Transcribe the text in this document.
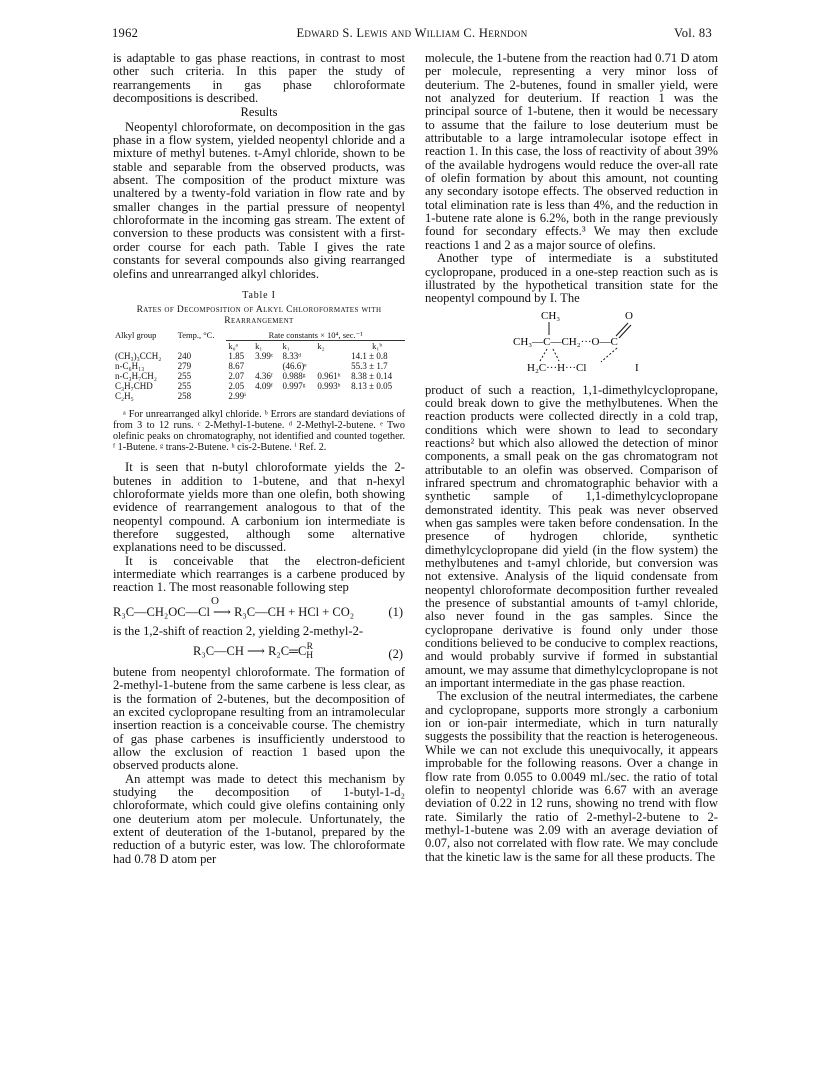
1962	Edward S. Lewis and William C. Herndon	Vol. 83

is adaptable to gas phase reactions, in contrast to most other such criteria. In this paper the study of rearrangements in gas phase chloroformate decompositions is described.

Results

Neopentyl chloroformate, on decomposition in the gas phase in a flow system, yielded neopentyl chloride and a mixture of methyl butenes. t-Amyl chloride, shown to be stable and separable from the observed products, was absent. The composition of the product mixture was unaltered by a twenty-fold variation in flow rate and by smaller changes in the partial pressure of neopentyl chloroformate in the incoming gas stream. The extent of conversion to these products was consistent with a first-order course for each path. Table I gives the rate constants for several compounds also giving rearranged olefins and unrearranged alkyl chlorides.

Table I
Rates of Decomposition of Alkyl Chloroformates with Rearrangement
Alkyl group	Temp., °C.	Rate constants × 10⁴, sec.⁻¹				
		k₀ᵃ	k₁	k₁	k₂	k₁ᵇ
(CH₃)₃CCH₂	240	1.85	3.99ᶜ	8.33ᵈ		14.1 ± 0.8
n-C₆H₁₃	279	8.67		(46.6)ᵉ		55.3 ± 1.7
n-C₃H₇CH₂	255	2.07	4.36ᶠ	0.988ᵍ	0.961ʰ	8.38 ± 0.14
C₃H₇CHD	255	2.05	4.09ᶠ	0.997ᵍ	0.993ʰ	8.13 ± 0.05
C₂H₅	258	2.99ⁱ				
ᵃ For unrearranged alkyl chloride. ᵇ Errors are standard deviations of from 3 to 12 runs. ᶜ 2-Methyl-1-butene. ᵈ 2-Methyl-2-butene. ᵉ Two olefinic peaks on chromatography, not identified and counted together. ᶠ 1-Butene. ᵍ trans-2-Butene. ʰ cis-2-Butene. ⁱ Ref. 2.

It is seen that n-butyl chloroformate yields the 2-butenes in addition to 1-butene, and that n-hexyl chloroformate yields more than one olefin, both showing evidence of rearrangement analogous to that of the neopentyl compound. A carbonium ion intermediate is therefore suggested, although some alternative explanations need to be discussed.

It is conceivable that the electron-deficient intermediate which rearranges is a carbene produced by reaction 1. The most reasonable following step

O
R₃C—CH₂OC—Cl ⟶ R₃C—CH + HCl + CO₂	(1)

is the 1,2-shift of reaction 2, yielding 2-methyl-2-

R₃C—CH ⟶ R₂C═C R
H	(2)

butene from neopentyl chloroformate. The formation of 2-methyl-1-butene from the same carbene is less clear, as is the formation of 2-butenes, but the decomposition of an excited cyclopropane resulting from an intramolecular insertion reaction is a conceivable course. The chemistry of gas phase carbenes is insufficiently understood to allow the exclusion of reaction 1 based upon the observed products alone.

An attempt was made to detect this mechanism by studying the decomposition of 1-butyl-1-d₂ chloroformate, which could give olefins containing only one deuterium atom per molecule. Unfortunately, the extent of deuteration of the 1-butanol, prepared by the reduction of a butyric ester, was low. The chloroformate had 0.78 D atom per

molecule, the 1-butene from the reaction had 0.71 D atom per molecule, representing a very minor loss of deuterium. The 2-butenes, found in smaller yield, were not analyzed for deuterium. If reaction 1 was the principal source of 1-butene, then it would be necessary to assume that the failure to lose deuterium must be attributable to a large intramolecular isotope effect in reaction 1. In this case, the loss of reactivity of about 39% of the available hydrogens would reduce the over-all rate of olefin formation by about this amount, not counting any secondary isotope effects. The observed reduction in total elimination rate is less than 4%, and the reduction in 1-butene rate alone is 6.2%, both in the range previously found for secondary effects.³ We may then exclude reactions 1 and 2 as a major source of olefins.

Another type of intermediate is a substituted cyclopropane, produced in a one-step reaction such as is illustrated by the hypothetical transition state for the neopentyl compound by I. The

CH₃	O
CH₃—C—CH₂···O—C
H₂C···H···Cl	I

product of such a reaction, 1,1-dimethylcyclopropane, could break down to give the methylbutenes. When the reaction products were collected directly in a cold trap, conditions which were shown to lead to secondary reactions² but which also allowed the detection of minor components, a small peak on the gas chromatogram not attributable to an olefin was observed. Comparison of infrared spectrum and chromatographic behavior with a synthetic sample of 1,1-dimethylcyclopropane demonstrated identity. This peak was never observed when gas samples were taken before condensation. In the presence of hydrogen chloride, synthetic dimethylcyclopropane did yield (in the flow system) the methylbutenes and t-amyl chloride, but conversion was not extensive. Analysis of the liquid condensate from neopentyl chloroformate decomposition further revealed the presence of substantial amounts of t-amyl chloride, also never found in the gas samples. Since the cyclopropane derivative is found only under those conditions believed to be conducive to complex reactions, and would probably survive if formed in substantial amount, we may assume that dimethylcyclopropane is not an important intermediate in the gas phase reaction.

The exclusion of the neutral intermediates, the carbene and cyclopropane, supports more strongly a carbonium ion or ion-pair intermediate, which in turn naturally suggests the possibility that the reaction is heterogeneous. While we can not exclude this unequivocally, it appears improbable for the following reasons. Over a change in flow rate from 0.055 to 0.0049 ml./sec. the ratio of total olefin to neopentyl chloride was 6.67 with an average deviation of 0.22 in 12 runs, showing no trend with flow rate. Similarly the ratio of 2-methyl-2-butene to 2-methyl-1-butene was 2.09 with an average deviation of 0.07, also not correlated with flow rate. We may conclude that the kinetic law is the same for all these products. The
